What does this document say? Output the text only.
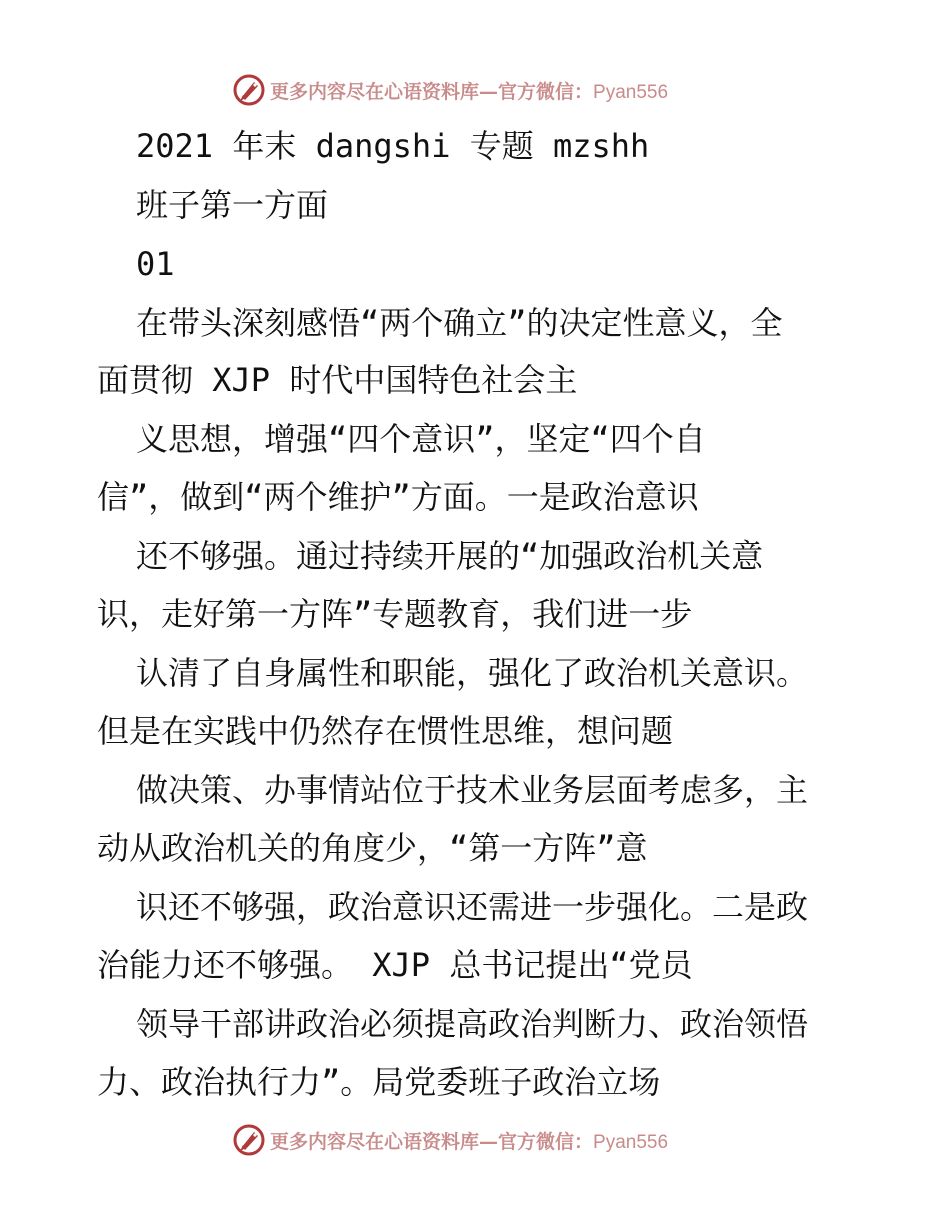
更多内容尽在心语资料库—官方微信：Pyan556
2021 年末 dangshi 专题 mzshh
班子第一方面
01
在带头深刻感悟“两个确立”的决定性意义，全
面贯彻 XJP 时代中国特色社会主
义思想，增强“四个意识”，坚定“四个自
信”，做到“两个维护”方面。一是政治意识
还不够强。通过持续开展的“加强政治机关意
识，走好第一方阵”专题教育，我们进一步
认清了自身属性和职能，强化了政治机关意识。
但是在实践中仍然存在惯性思维，想问题
做决策、办事情站位于技术业务层面考虑多，主
动从政治机关的角度少，“第一方阵”意
识还不够强，政治意识还需进一步强化。二是政
治能力还不够强。 XJP 总书记提出“党员
领导干部讲政治必须提高政治判断力、政治领悟
力、政治执行力”。局党委班子政治立场
更多内容尽在心语资料库—官方微信：Pyan556
